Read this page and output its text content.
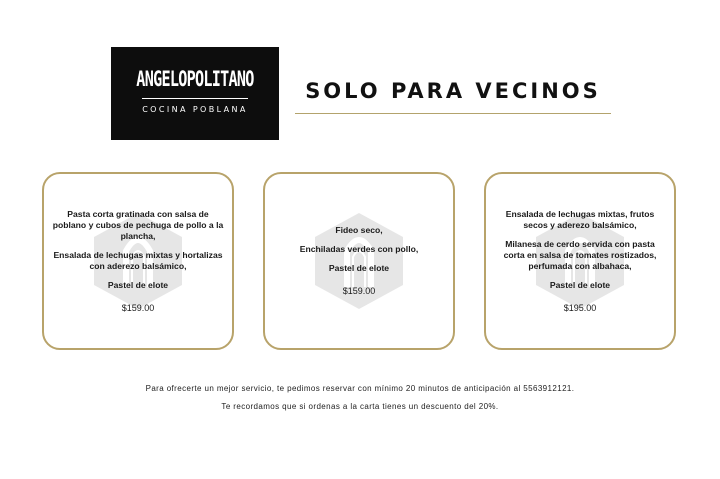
ANGELOPOLITANO
COCINA POBLANA
SOLO PARA VECINOS
Pasta corta gratinada con salsa de poblano y cubos de pechuga de pollo a la plancha,
Ensalada de lechugas mixtas y hortalizas con aderezo balsámico,
Pastel de elote
$159.00
Fideo seco,
Enchiladas verdes con pollo,
Pastel de elote
$159.00
Ensalada de lechugas mixtas, frutos secos y aderezo balsámico,
Milanesa de cerdo servida con pasta corta en salsa de tomates rostizados, perfumada con albahaca,
Pastel de elote
$195.00
Para ofrecerte un mejor servicio, te pedimos reservar con mínimo 20 minutos de anticipación al 5563912121.
Te recordamos que si ordenas a la carta tienes un descuento del 20%.
